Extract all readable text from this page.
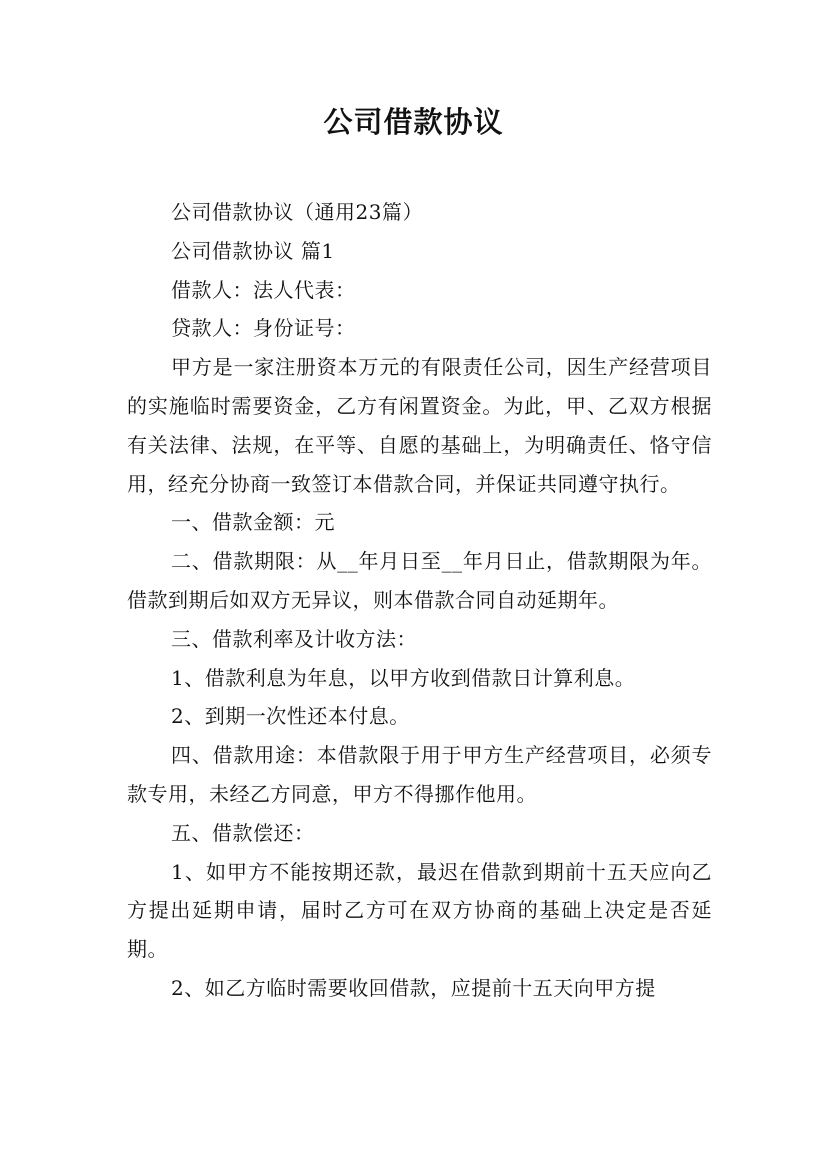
公司借款协议

公司借款协议（通用23篇）

公司借款协议 篇1

借款人：法人代表：

贷款人：身份证号：

甲方是一家注册资本万元的有限责任公司，因生产经营项目的实施临时需要资金，乙方有闲置资金。为此，甲、乙双方根据有关法律、法规，在平等、自愿的基础上，为明确责任、恪守信用，经充分协商一致签订本借款合同，并保证共同遵守执行。

一、借款金额：元

二、借款期限：从__年月日至__年月日止，借款期限为年。借款到期后如双方无异议，则本借款合同自动延期年。

三、借款利率及计收方法：

1、借款利息为年息，以甲方收到借款日计算利息。

2、到期一次性还本付息。

四、借款用途：本借款限于用于甲方生产经营项目，必须专款专用，未经乙方同意，甲方不得挪作他用。

五、借款偿还：

1、如甲方不能按期还款，最迟在借款到期前十五天应向乙方提出延期申请，届时乙方可在双方协商的基础上决定是否延期。

2、如乙方临时需要收回借款，应提前十五天向甲方提
